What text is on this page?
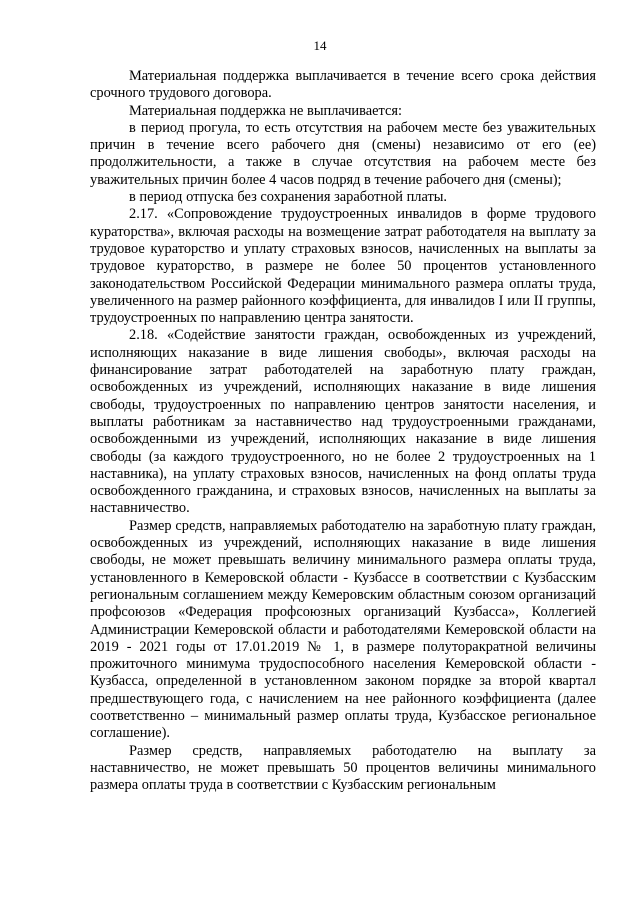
14

Материальная поддержка выплачивается в течение всего срока действия срочного трудового договора.

Материальная поддержка не выплачивается:

в период прогула, то есть отсутствия на рабочем месте без уважительных причин в течение всего рабочего дня (смены) независимо от его (ее) продолжительности, а также в случае отсутствия на рабочем месте без уважительных причин более 4 часов подряд в течение рабочего дня (смены);

в период отпуска без сохранения заработной платы.

2.17. «Сопровождение трудоустроенных инвалидов в форме трудового кураторства», включая расходы на возмещение затрат работодателя на выплату за трудовое кураторство и уплату страховых взносов, начисленных на выплаты за трудовое кураторство, в размере не более 50 процентов установленного законодательством Российской Федерации минимального размера оплаты труда, увеличенного на размер районного коэффициента, для инвалидов I или II группы, трудоустроенных по направлению центра занятости.

2.18. «Содействие занятости граждан, освобожденных из учреждений, исполняющих наказание в виде лишения свободы», включая расходы на финансирование затрат работодателей на заработную плату граждан, освобожденных из учреждений, исполняющих наказание в виде лишения свободы, трудоустроенных по направлению центров занятости населения, и выплаты работникам за наставничество над трудоустроенными гражданами, освобожденными из учреждений, исполняющих наказание в виде лишения свободы (за каждого трудоустроенного, но не более 2 трудоустроенных на 1 наставника), на уплату страховых взносов, начисленных на фонд оплаты труда освобожденного гражданина, и страховых взносов, начисленных на выплаты за наставничество.

Размер средств, направляемых работодателю на заработную плату граждан, освобожденных из учреждений, исполняющих наказание в виде лишения свободы, не может превышать величину минимального размера оплаты труда, установленного в Кемеровской области - Кузбассе в соответствии с Кузбасским региональным соглашением между Кемеровским областным союзом организаций профсоюзов «Федерация профсоюзных организаций Кузбасса», Коллегией Администрации Кемеровской области и работодателями Кемеровской области на 2019 - 2021 годы от 17.01.2019 № 1, в размере полуторакратной величины прожиточного минимума трудоспособного населения Кемеровской области - Кузбасса, определенной в установленном законом порядке за второй квартал предшествующего года, с начислением на нее районного коэффициента (далее соответственно – минимальный размер оплаты труда, Кузбасское региональное соглашение).

Размер средств, направляемых работодателю на выплату за наставничество, не может превышать 50 процентов величины минимального размера оплаты труда в соответствии с Кузбасским региональным
